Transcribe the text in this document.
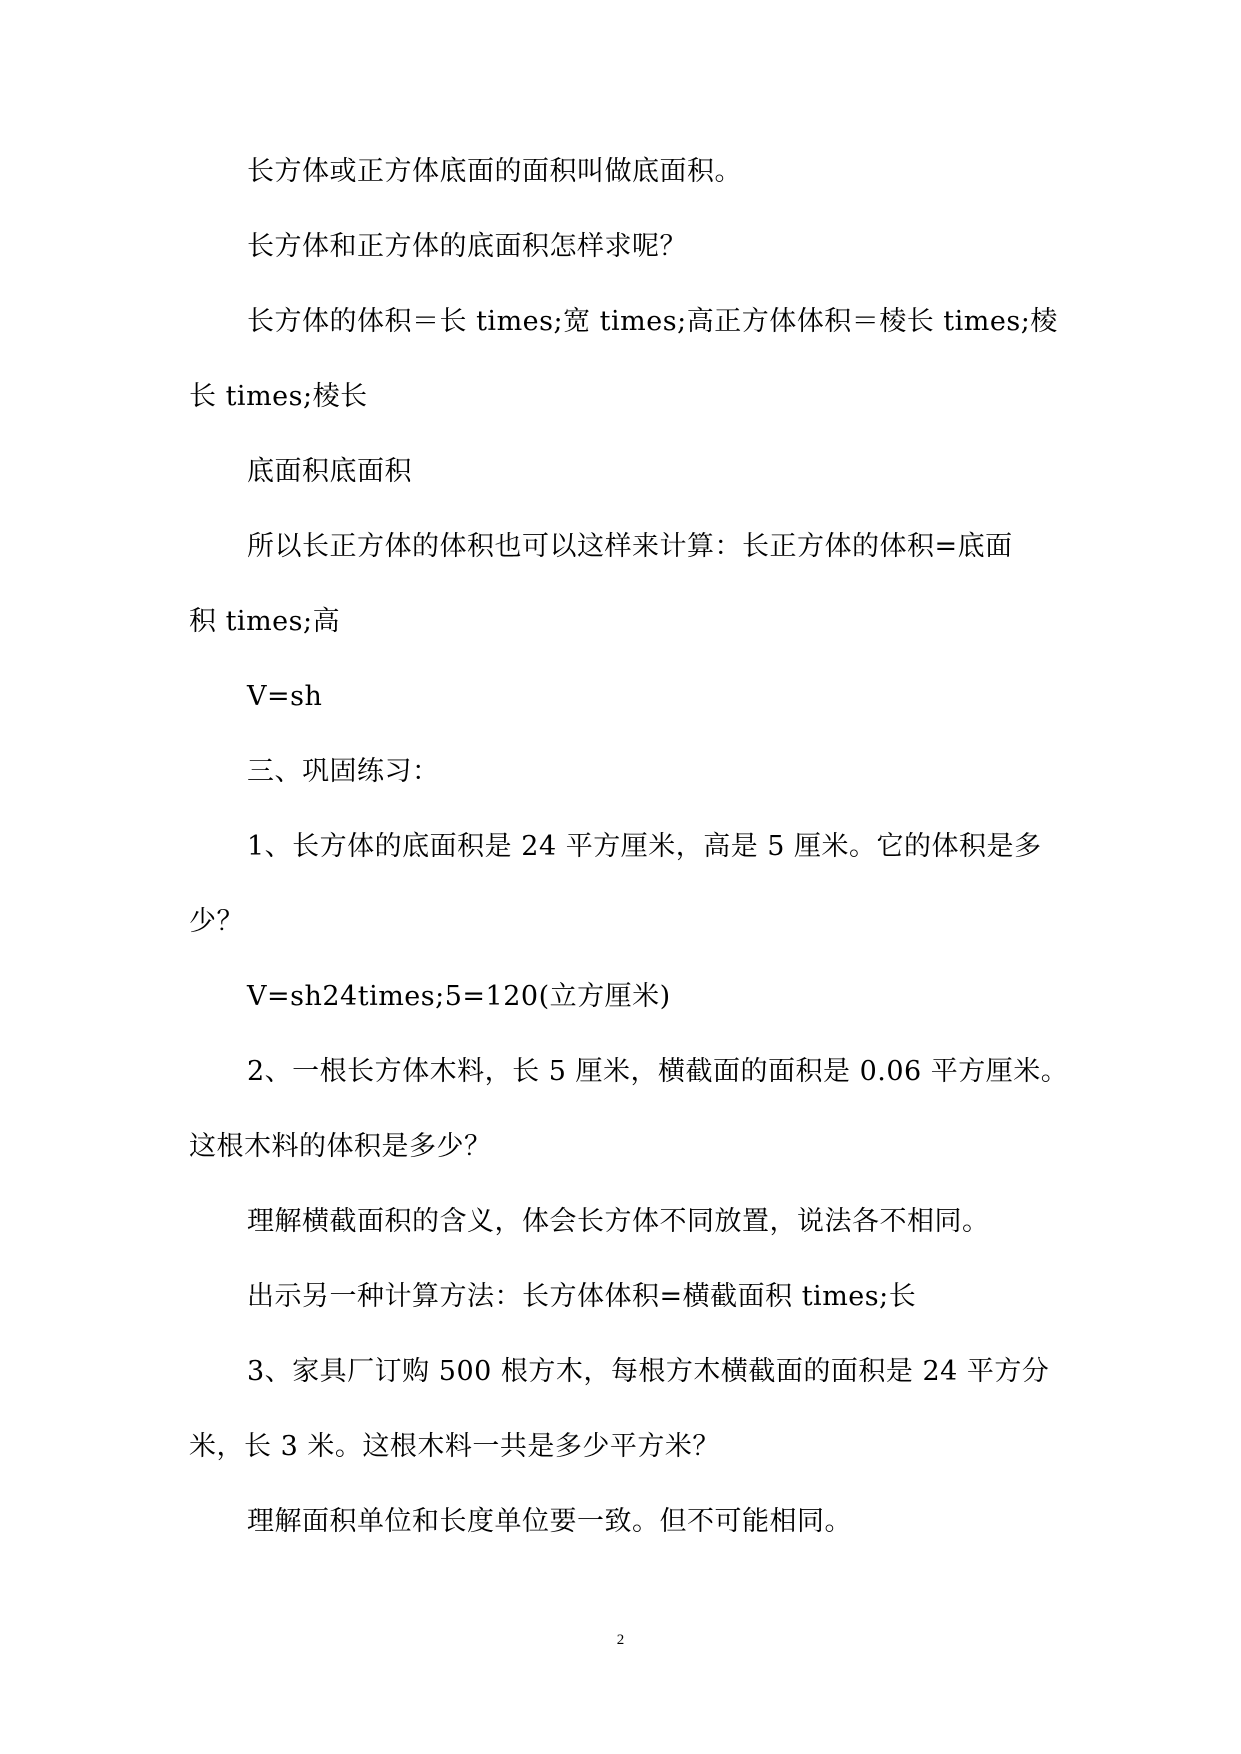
长方体或正方体底面的面积叫做底面积。
长方体和正方体的底面积怎样求呢？
长方体的体积＝长 times;宽 times;高正方体体积＝棱长 times;棱
长 times;棱长
底面积底面积
所以长正方体的体积也可以这样来计算：长正方体的体积=底面
积 times;高
V=sh
三、巩固练习：
1、长方体的底面积是 24 平方厘米，高是 5 厘米。它的体积是多
少？
V=sh24times;5=120(立方厘米)
2、一根长方体木料，长 5 厘米，横截面的面积是 0.06 平方厘米。
这根木料的体积是多少？
理解横截面积的含义，体会长方体不同放置，说法各不相同。
出示另一种计算方法：长方体体积=横截面积 times;长
3、家具厂订购 500 根方木，每根方木横截面的面积是 24 平方分
米，长 3 米。这根木料一共是多少平方米？
理解面积单位和长度单位要一致。但不可能相同。
2
